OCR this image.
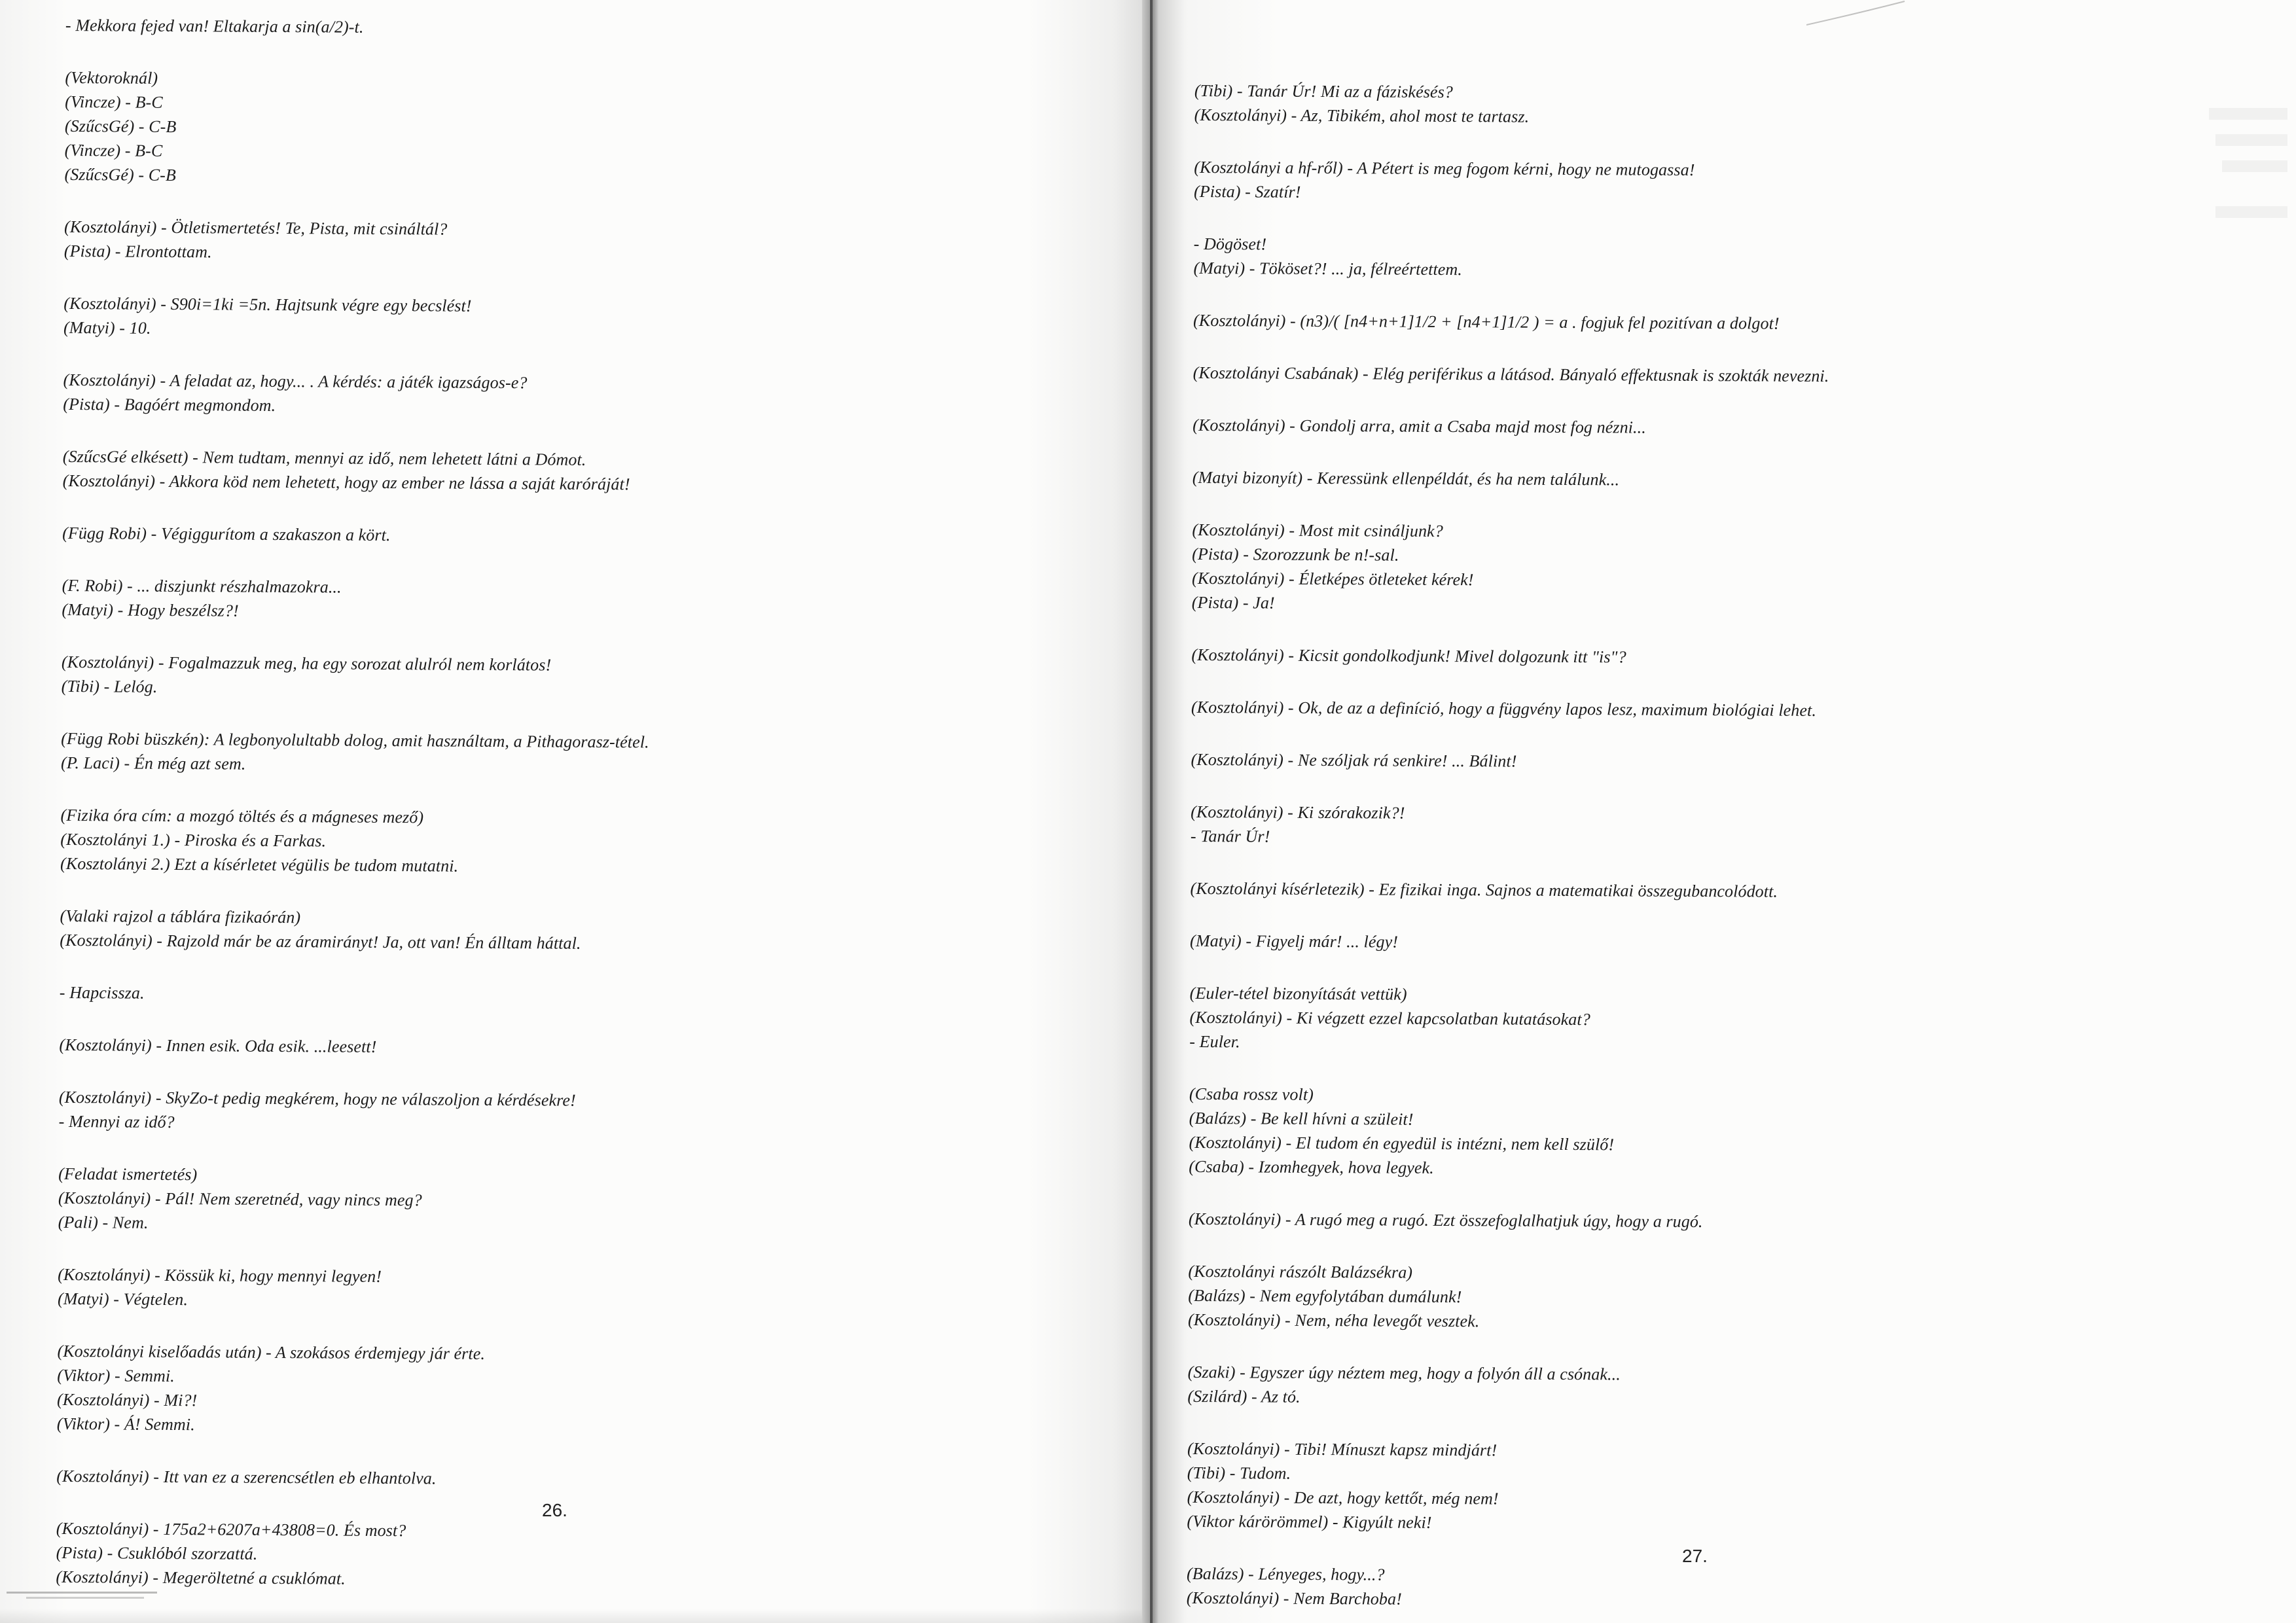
- Mekkora fejed van! Eltakarja a sin(a/2)-t.
(Vektoroknál)
(Vincze) - B-C
(SzűcsGé) - C-B
(Vincze) - B-C
(SzűcsGé) - C-B
(Kosztolányi) - Ötletismertetés! Te, Pista, mit csináltál?
(Pista) - Elrontottam.
(Kosztolányi) - S90i=1ki =5n. Hajtsunk végre egy becslést!
(Matyi) - 10.
(Kosztolányi) - A feladat az, hogy... . A kérdés: a játék igazságos-e?
(Pista) - Bagóért megmondom.
(SzűcsGé elkésett) - Nem tudtam, mennyi az idő, nem lehetett látni a Dómot.
(Kosztolányi) - Akkora köd nem lehetett, hogy az ember ne lássa a saját karóráját!
(Függ Robi) - Végiggurítom a szakaszon a kört.
(F. Robi) - ... diszjunkt részhalmazokra...
(Matyi) - Hogy beszélsz?!
(Kosztolányi) - Fogalmazzuk meg, ha egy sorozat alulról nem korlátos!
(Tibi) - Lelóg.
(Függ Robi büszkén): A legbonyolultabb dolog, amit használtam, a Pithagorasz-tétel.
(P. Laci) - Én még azt sem.
(Fizika óra cím: a mozgó töltés és a mágneses mező)
(Kosztolányi 1.) - Piroska és a Farkas.
(Kosztolányi 2.) Ezt a kísérletet végülis be tudom mutatni.
(Valaki rajzol a táblára fizikaórán)
(Kosztolányi) - Rajzold már be az áramirányt! Ja, ott van! Én álltam háttal.
- Hapcissza.
(Kosztolányi) - Innen esik. Oda esik. ...leesett!
(Kosztolányi) - SkyZo-t pedig megkérem, hogy ne válaszoljon a kérdésekre!
- Mennyi az idő?
(Feladat ismertetés)
(Kosztolányi) - Pál! Nem szeretnéd, vagy nincs meg?
(Pali) - Nem.
(Kosztolányi) - Kössük ki, hogy mennyi legyen!
(Matyi) - Végtelen.
(Kosztolányi kiselőadás után) - A szokásos érdemjegy jár érte.
(Viktor) - Semmi.
(Kosztolányi) - Mi?!
(Viktor) - Á! Semmi.
(Kosztolányi) - Itt van ez a szerencsétlen eb elhantolva.
(Kosztolányi) - 175a2+6207a+43808=0. És most?
(Pista) - Csuklóból szorzattá.
(Kosztolányi) - Megeröltetné a csuklómat.
26.
(Tibi) - Tanár Úr! Mi az a fáziskésés?
(Kosztolányi) - Az, Tibikém, ahol most te tartasz.
(Kosztolányi a hf-ről) - A Pétert is meg fogom kérni, hogy ne mutogassa!
(Pista) - Szatír!
- Dögöset!
(Matyi) - Tököset?! ... ja, félreértettem.
(Kosztolányi) - (n3)/( [n4+n+1]1/2 + [n4+1]1/2 ) = a . fogjuk fel pozitívan a dolgot!
(Kosztolányi Csabának) - Elég periférikus a látásod. Bányaló effektusnak is szokták nevezni.
(Kosztolányi) - Gondolj arra, amit a Csaba majd most fog nézni...
(Matyi bizonyít) - Keressünk ellenpéldát, és ha nem találunk...
(Kosztolányi) - Most mit csináljunk?
(Pista) - Szorozzunk be n!-sal.
(Kosztolányi) - Életképes ötleteket kérek!
(Pista) - Ja!
(Kosztolányi) - Kicsit gondolkodjunk! Mivel dolgozunk itt "is"?
(Kosztolányi) - Ok, de az a definíció, hogy a függvény lapos lesz, maximum biológiai lehet.
(Kosztolányi) - Ne szóljak rá senkire! ... Bálint!
(Kosztolányi) - Ki szórakozik?!
- Tanár Úr!
(Kosztolányi kísérletezik) - Ez fizikai inga. Sajnos a matematikai összegubancolódott.
(Matyi) - Figyelj már! ... légy!
(Euler-tétel bizonyítását vettük)
(Kosztolányi) - Ki végzett ezzel kapcsolatban kutatásokat?
- Euler.
(Csaba rossz volt)
(Balázs) - Be kell hívni a szüleit!
(Kosztolányi) - El tudom én egyedül is intézni, nem kell szülő!
(Csaba) - Izomhegyek, hova legyek.
(Kosztolányi) - A rugó meg a rugó. Ezt összefoglalhatjuk úgy, hogy a rugó.
(Kosztolányi rászólt Balázsékra)
(Balázs) - Nem egyfolytában dumálunk!
(Kosztolányi) - Nem, néha levegőt vesztek.
(Szaki) - Egyszer úgy néztem meg, hogy a folyón áll a csónak...
(Szilárd) - Az tó.
(Kosztolányi) - Tibi! Mínuszt kapsz mindjárt!
(Tibi) - Tudom.
(Kosztolányi) - De azt, hogy kettőt, még nem!
(Viktor kárörömmel) - Kigyúlt neki!
(Balázs) - Lényeges, hogy...?
(Kosztolányi) - Nem Barchoba!
27.
